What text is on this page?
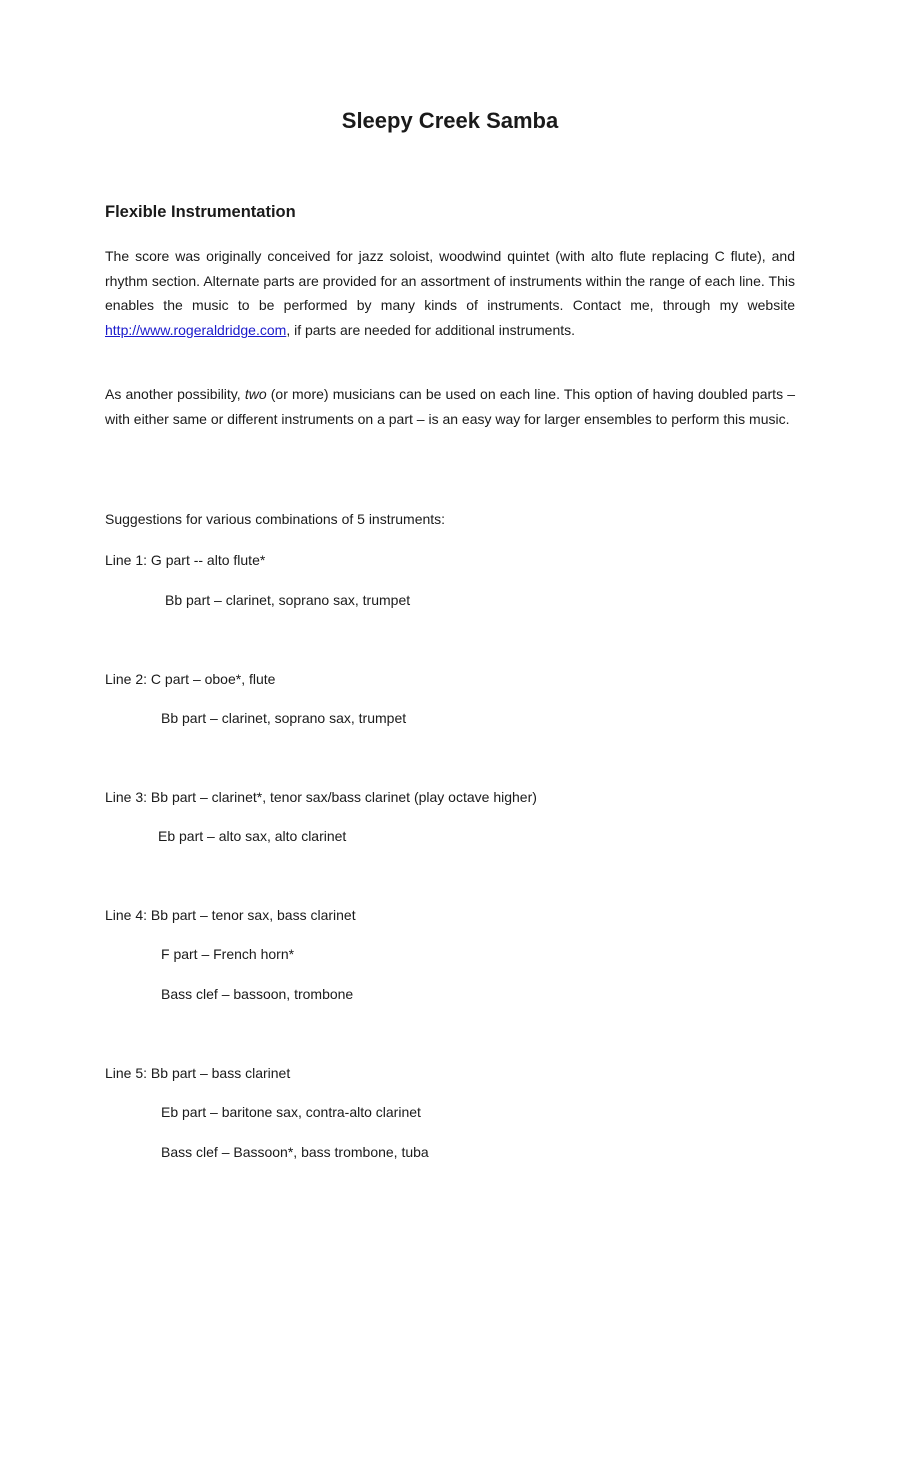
Sleepy Creek Samba
Flexible Instrumentation

The score was originally conceived for jazz soloist, woodwind quintet (with alto flute replacing C flute), and rhythm section. Alternate parts are provided for an assortment of instruments within the range of each line. This enables the music to be performed by many kinds of instruments. Contact me, through my website http://www.rogeraldridge.com, if parts are needed for additional instruments.

As another possibility, two (or more) musicians can be used on each line. This option of having doubled parts – with either same or different instruments on a part – is an easy way for larger ensembles to perform this music.

Suggestions for various combinations of 5 instruments:

Line 1: G part -- alto flute*

Bb part – clarinet, soprano sax, trumpet

Line 2: C part – oboe*, flute

Bb part – clarinet, soprano sax, trumpet

Line 3: Bb part – clarinet*, tenor sax/bass clarinet (play octave higher)

Eb part – alto sax, alto clarinet

Line 4: Bb part – tenor sax, bass clarinet

F part – French horn*

Bass clef – bassoon, trombone

Line 5: Bb part – bass clarinet

Eb part – baritone sax, contra-alto clarinet

Bass clef – Bassoon*, bass trombone, tuba
